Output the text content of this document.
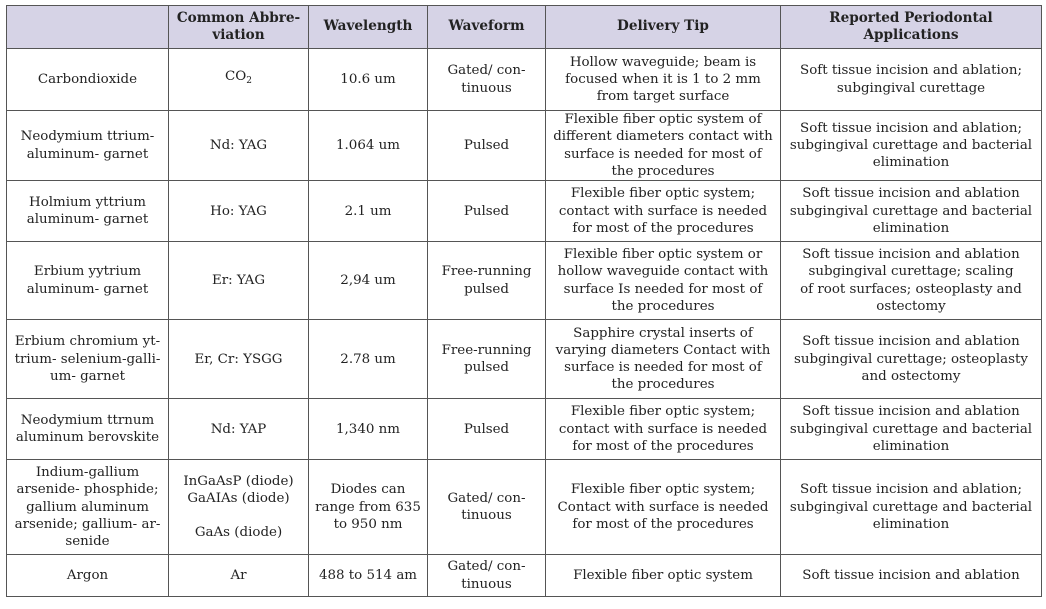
	Common Abbre-viation	Wavelength	Waveform	Delivery Tip	Reported Periodontal Applications

Carbondioxide	$CO_2$	10.6 um	Gated/ con-
tinuous	Hollow waveguide; beam is
focused when it is 1 to 2 mm
from target surface	Soft tissue incision and ablation;
subgingival curettage

Neodymium ttrium-
aluminum- garnet	Nd: YAG	1.064 um	Pulsed	Flexible fiber optic system of
different diameters contact with
surface is needed for most of
the procedures	Soft tissue incision and ablation;
subgingival curettage and bacterial
elimination

Holmium yttrium
aluminum- garnet	Ho: YAG	2.1 um	Pulsed	Flexible fiber optic system;
contact with surface is needed
for most of the procedures	Soft tissue incision and ablation
subgingival curettage and bacterial
elimination

Erbium yytrium
aluminum- garnet	Er: YAG	2,94 um	Free-running
pulsed	Flexible fiber optic system or
hollow waveguide contact with
surface Is needed for most of
the procedures	Soft tissue incision and ablation
subgingival curettage; scaling
of root surfaces; osteoplasty and
ostectomy

Erbium chromium yt-
trium- selenium-galli-
um- garnet	Er, Cr: YSGG	2.78 um	Free-running
pulsed	Sapphire crystal inserts of
varying diameters Contact with
surface is needed for most of
the procedures	Soft tissue incision and ablation
subgingival curettage; osteoplasty
and ostectomy

Neodymium ttrnum
aluminum berovskite	Nd: YAP	1,340 nm	Pulsed	Flexible fiber optic system;
contact with surface is needed
for most of the procedures	Soft tissue incision and ablation
subgingival curettage and bacterial
elimination

Indium-gallium
arsenide- phosphide;
gallium aluminum
arsenide; gallium- ar-
senide	InGaAsP (diode)
GaAIAs (diode)

GaAs (diode)	Diodes can
range from 635
to 950 nm	Gated/ con-
tinuous	Flexible fiber optic system;
Contact with surface is needed
for most of the procedures	Soft tissue incision and ablation;
subgingival curettage and bacterial
elimination

Argon	Ar	488 to 514 am	Gated/ con-
tinuous	Flexible fiber optic system	Soft tissue incision and ablation
